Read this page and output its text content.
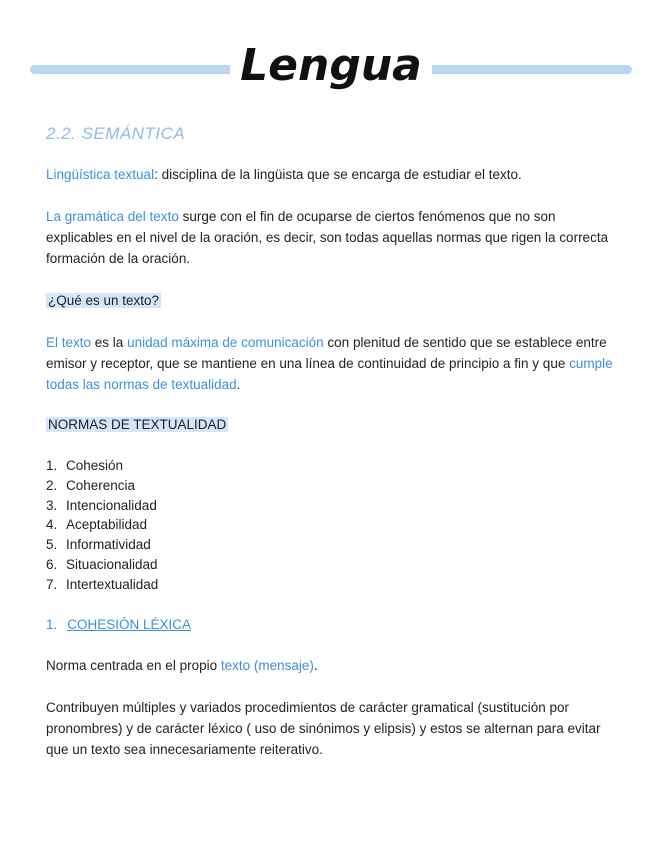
Lengua
2.2. SEMÁNTICA
Lingüística textual: disciplina de la lingüista que se encarga de estudiar el texto.
La gramática del texto surge con el fin de ocuparse de ciertos fenómenos que no son explicables en el nivel de la oración, es decir, son todas aquellas normas que rigen la correcta formación de la oración.
¿Qué es un texto?
El texto es la unidad máxima de comunicación con plenitud de sentido que se establece entre emisor y receptor, que se mantiene en una línea de continuidad de principio a fin y que cumple todas las normas de textualidad.
NORMAS DE TEXTUALIDAD
1. Cohesión
2. Coherencia
3. Intencionalidad
4. Aceptabilidad
5. Informatividad
6. Situacionalidad
7. Intertextualidad
1. COHESIÓN LÉXICA
Norma centrada en el propio texto (mensaje).
Contribuyen múltiples y variados procedimientos de carácter gramatical (sustitución por pronombres) y de carácter léxico ( uso de sinónimos y elipsis) y estos se alternan para evitar que un texto sea innecesariamente reiterativo.
